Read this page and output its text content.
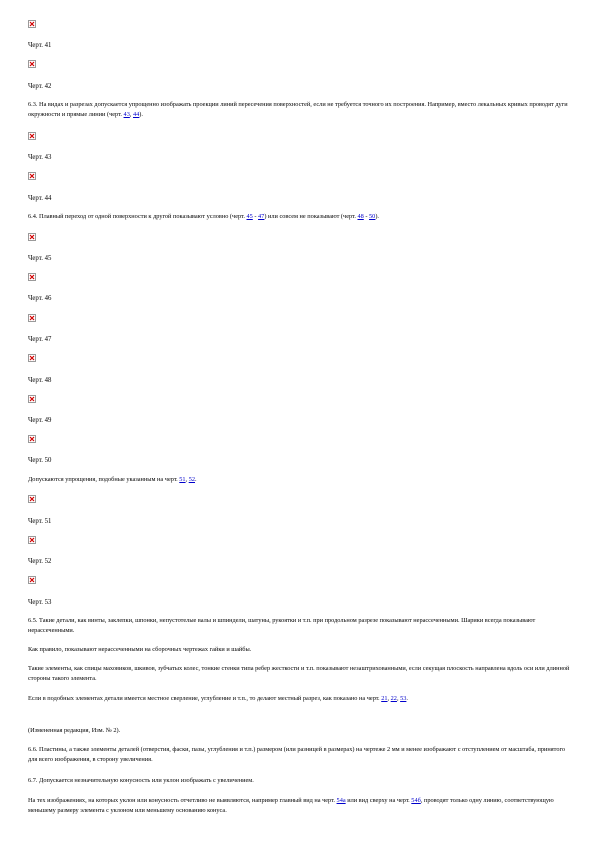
Черт. 41
Черт. 42
6.3. На видах и разрезах допускается упрощенно изображать проекции линий пересечения поверхностей, если не требуется точного их построения. Например, вместо лекальных кривых проводят дуги окружности и прямые линии (черт. 43, 44).
Черт. 43
Черт. 44
6.4. Плавный переход от одной поверхности к другой показывают условно (черт. 45 - 47) или совсем не показывают (черт. 48 - 50).
Черт. 45
Черт. 46
Черт. 47
Черт. 48
Черт. 49
Черт. 50
Допускаются упрощения, подобные указанным на черт. 51, 52.
Черт. 51
Черт. 52
Черт. 53
6.5. Такие детали, как винты, заклепки, шпонки, непустотелые валы и шпиндели, шатуны, рукоятки и т.п. при продольном разрезе показывают нерассеченными. Шарики всегда показывают нерассеченными.
Как правило, показывают нерассеченными на сборочных чертежах гайки и шайбы.
Такие элементы, как спицы маховиков, шкивов, зубчатых колес, тонкие стенки типа ребер жесткости и т.п. показывают незаштрихованными, если секущая плоскость направлена вдоль оси или длинной стороны такого элемента.
Если в подобных элементах детали имеется местное сверление, углубление и т.п., то делают местный разрез, как показано на черт. 21, 22, 53.
(Измененная редакция, Изм. № 2).
6.6. Пластины, а также элементы деталей (отверстия, фаски, пазы, углубления и т.п.) размером (или разницей в размерах) на чертеже 2 мм и менее изображают с отступлением от масштаба, принятого для всего изображения, в сторону увеличения.
6.7. Допускается незначительную конусность или уклон изображать с увеличением.
На тех изображениях, на которых уклон или конусность отчетливо не выявляются, например главный вид на черт. 54а или вид сверху на черт. 54б, проводят только одну линию, соответствующую меньшему размеру элемента с уклоном или меньшему основанию конуса.
